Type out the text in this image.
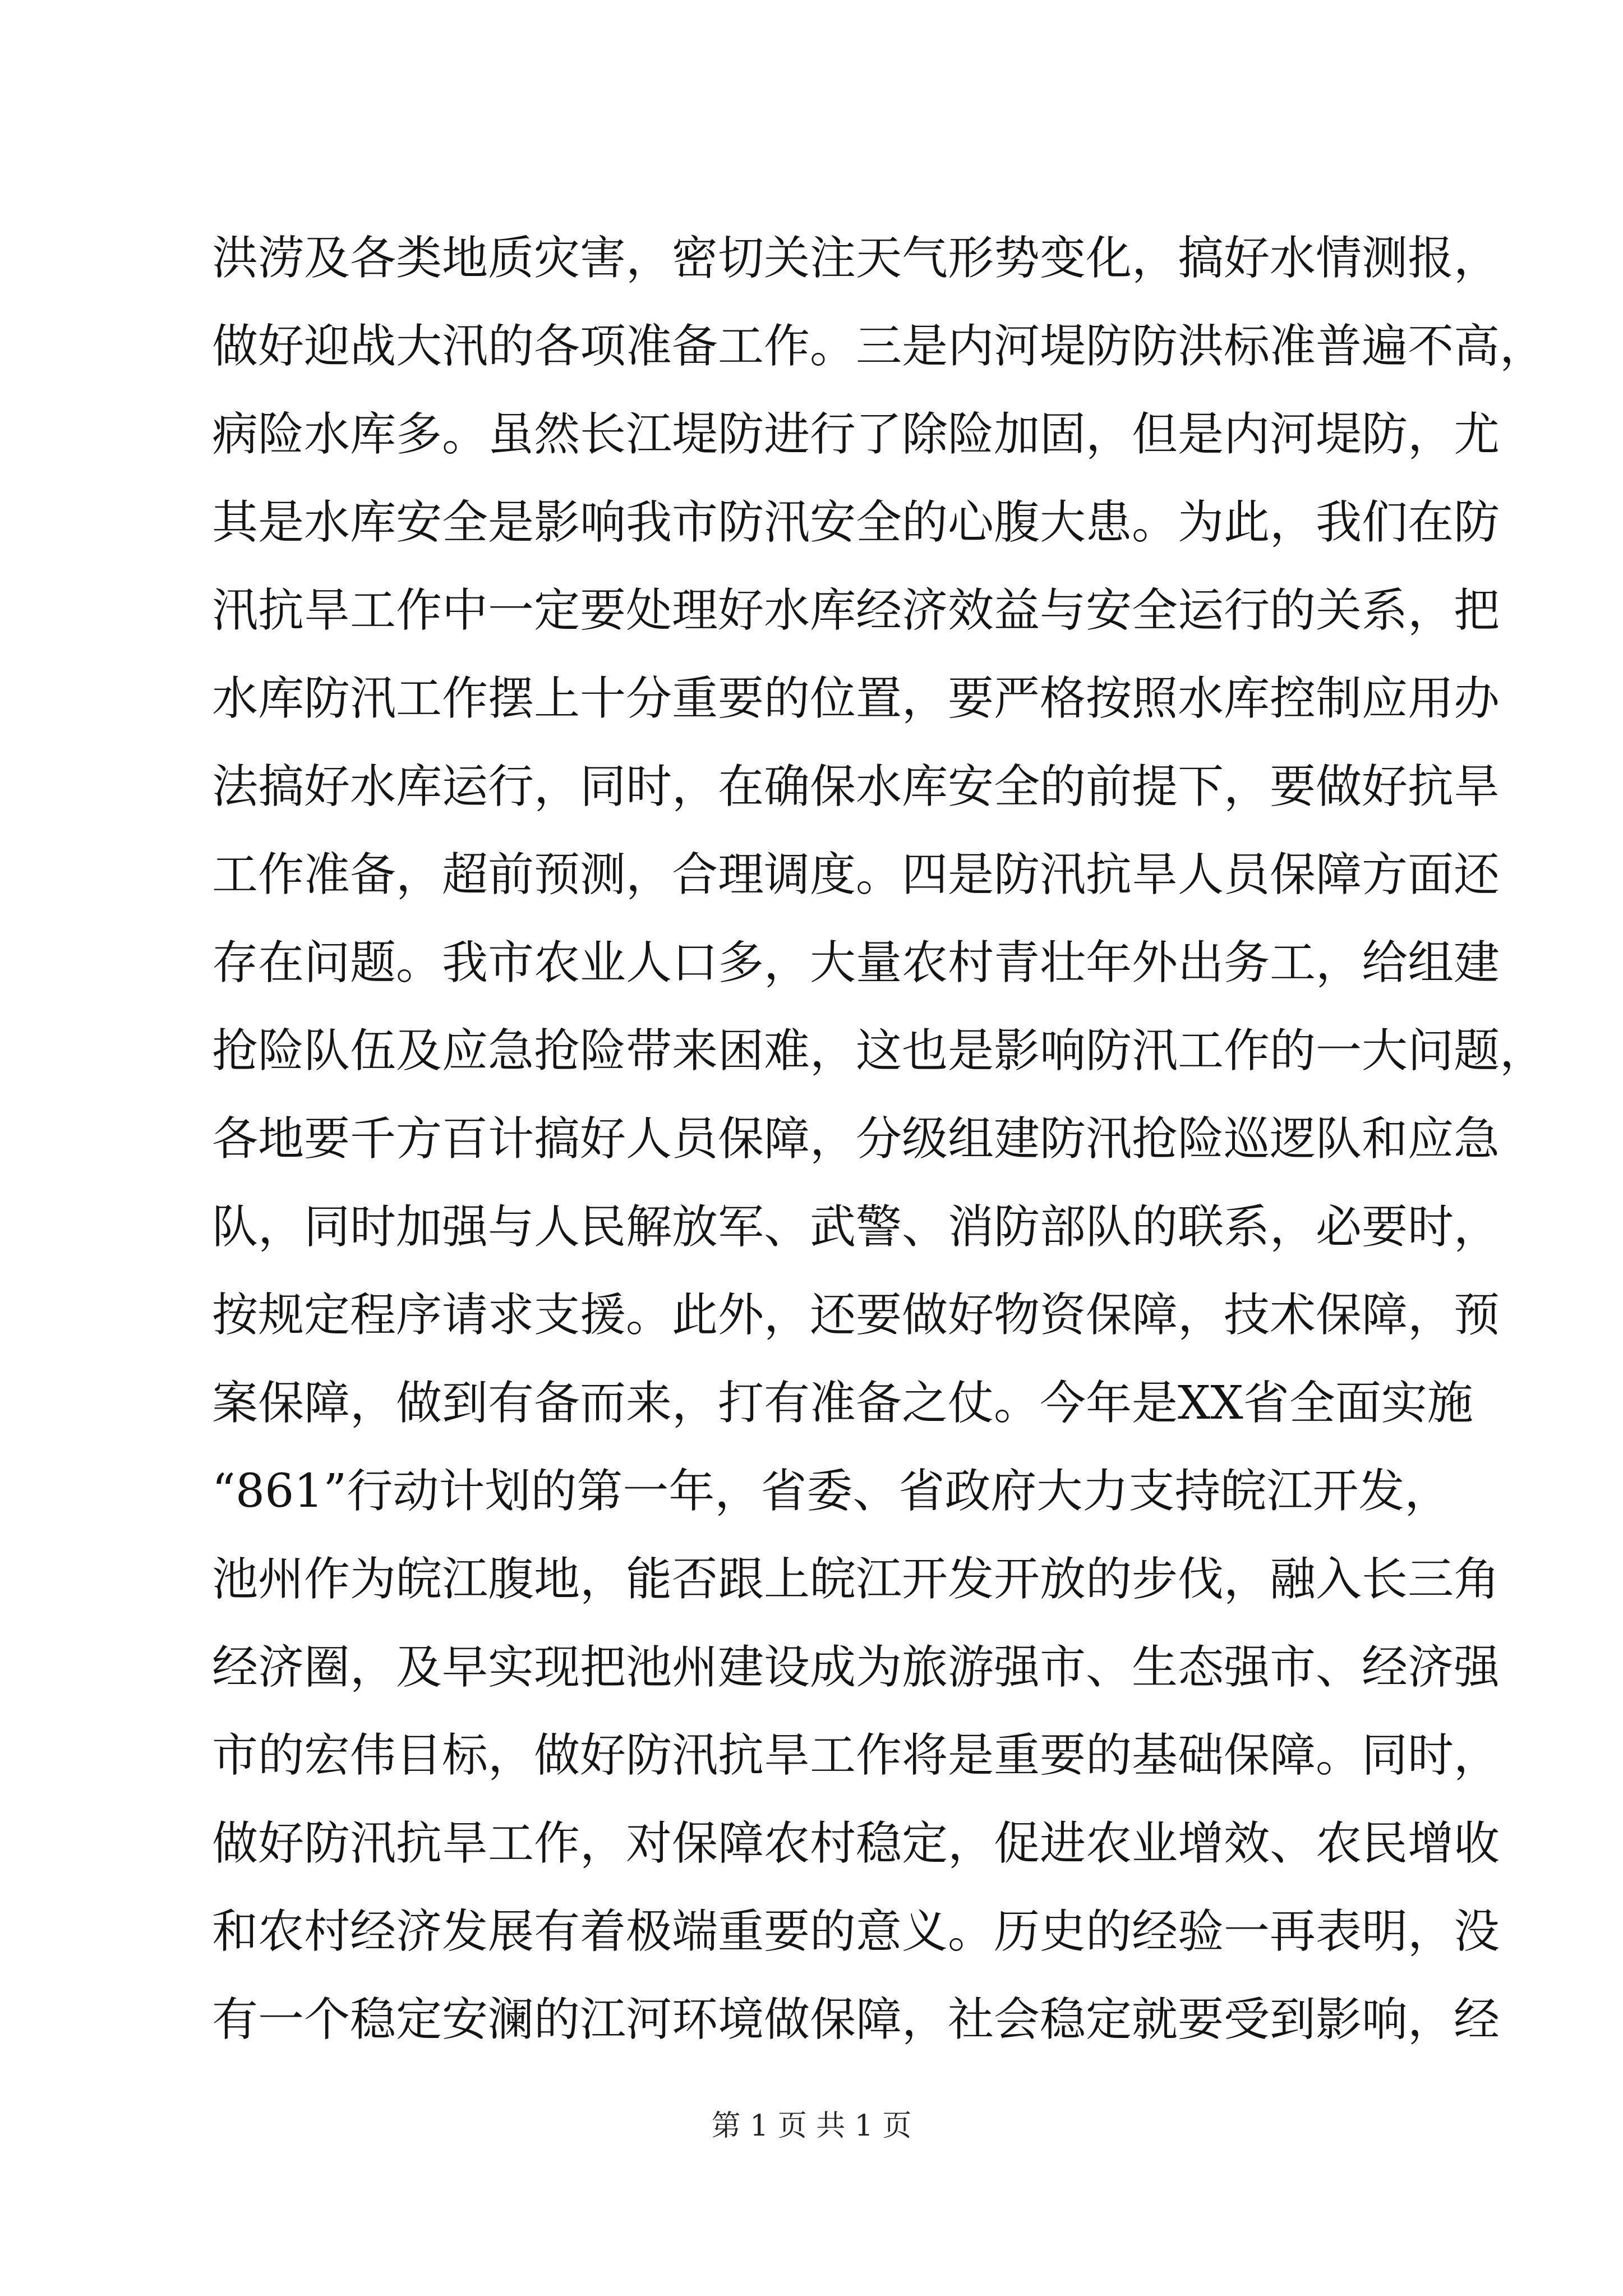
洪涝及各类地质灾害，密切关注天气形势变化，搞好水情测报，
做好迎战大汛的各项准备工作。三是内河堤防防洪标准普遍不高，
病险水库多。虽然长江堤防进行了除险加固，但是内河堤防，尤
其是水库安全是影响我市防汛安全的心腹大患。为此，我们在防
汛抗旱工作中一定要处理好水库经济效益与安全运行的关系，把
水库防汛工作摆上十分重要的位置，要严格按照水库控制应用办
法搞好水库运行，同时，在确保水库安全的前提下，要做好抗旱
工作准备，超前预测，合理调度。四是防汛抗旱人员保障方面还
存在问题。我市农业人口多，大量农村青壮年外出务工，给组建
抢险队伍及应急抢险带来困难，这也是影响防汛工作的一大问题，
各地要千方百计搞好人员保障，分级组建防汛抢险巡逻队和应急
队，同时加强与人民解放军、武警、消防部队的联系，必要时，
按规定程序请求支援。此外，还要做好物资保障，技术保障，预
案保障，做到有备而来，打有准备之仗。今年是XX省全面实施
“861”行动计划的第一年，省委、省政府大力支持皖江开发，
池州作为皖江腹地，能否跟上皖江开发开放的步伐，融入长三角
经济圈，及早实现把池州建设成为旅游强市、生态强市、经济强
市的宏伟目标，做好防汛抗旱工作将是重要的基础保障。同时，
做好防汛抗旱工作，对保障农村稳定，促进农业增效、农民增收
和农村经济发展有着极端重要的意义。历史的经验一再表明，没
有一个稳定安澜的江河环境做保障，社会稳定就要受到影响，经
第 1 页 共 1 页
